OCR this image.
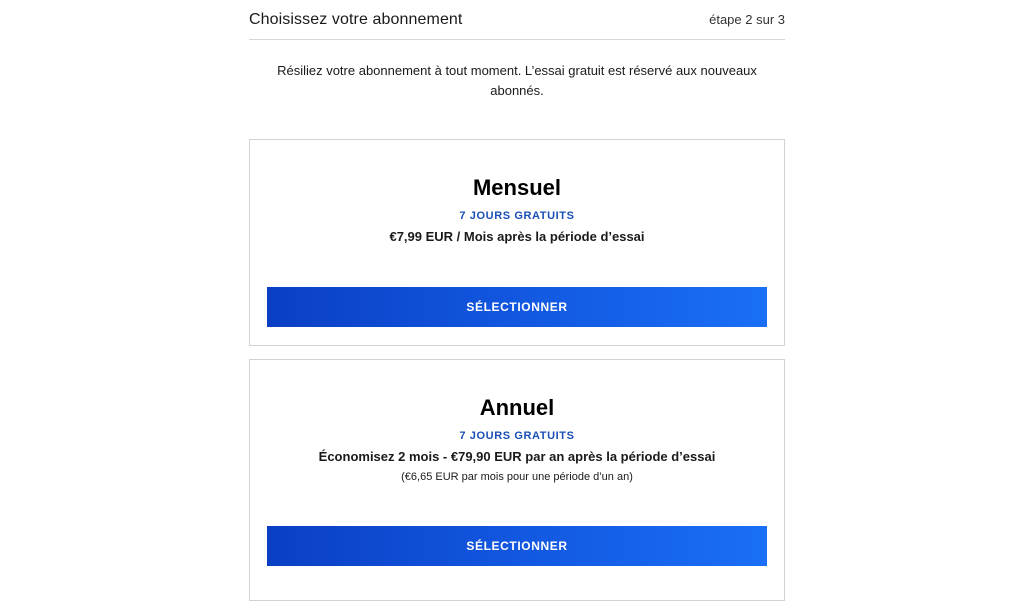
Choisissez votre abonnement	étape 2 sur 3
Résiliez votre abonnement à tout moment. L’essai gratuit est réservé aux nouveaux abonnés.
Mensuel
7 JOURS GRATUITS
€7,99 EUR / Mois après la période d’essai
SÉLECTIONNER
Annuel
7 JOURS GRATUITS
Économisez 2 mois - €79,90 EUR par an après la période d’essai
(€6,65 EUR par mois pour une période d’un an)
SÉLECTIONNER
